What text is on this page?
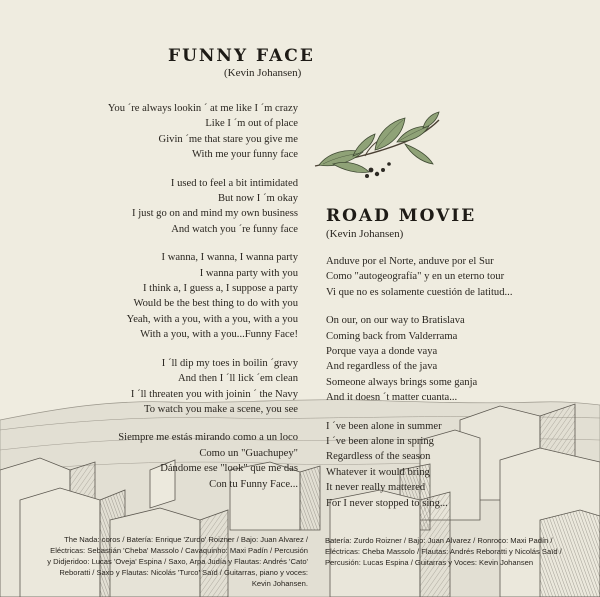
FUNNY FACE
(Kevin Johansen)
You ´re always lookin ´ at me like I ´m crazy
Like I ´m out of place
Givin ´me that stare you give me
With me your funny face
I used to feel a bit intimidated
But now I ´m okay
I just go on and mind my own business
And watch you ´re funny face
I wanna, I wanna, I wanna party
I wanna party with you
I think a, I guess a, I suppose a party
Would be the best thing to do with you
Yeah, with a you, with a you, with a you
With a you, with a you...Funny Face!
I ´ll dip my toes in boilin ´gravy
And then I ´ll lick ´em clean
I ´ll threaten you with joinin ´ the Navy
To watch you make a scene, you see
Siempre me estás mirando como a un loco
Como un "Guachupey"
Dándome ese "look" que me das
Con tu Funny Face...
The Nada: coros / Batería: Enrique 'Zurdo' Roizner / Bajo: Juan Alvarez / Eléctricas: Sebastián 'Cheba' Massolo / Cavaquinho: Maxi Padín / Percusión y Didjeridoo: Lucas 'Oveja' Espina / Saxo, Arpa Judía y Flautas: Andrés 'Cato' Reboratti / Saxo y Flautas: Nicolás 'Turco' Saïd / Guitarras, piano y voces: Kevin Johansen.
ROAD MOVIE
(Kevin Johansen)
Anduve por el Norte, anduve por el Sur
Como "autogeografía" y en un eterno tour
Vi que no es solamente cuestión de latitud...
On our, on our way to Bratislava
Coming back from Valderrama
Porque vaya a donde vaya
And regardless of the java
Someone always brings some ganja
And it doesn ´t matter cuanta...
I ´ve been alone in summer
I ´ve been alone in spring
Regardless of the season
Whatever it would bring
It never really mattered
For I never stopped to sing...
Batería: Zurdo Roizner / Bajo: Juan Alvarez / Ronroco: Maxi Padín / Eléctricas: Cheba Massolo / Flautas: Andrés Reboratti y Nicolás Saïd / Percusión: Lucas Espina / Guitarras y Voces: Kevin Johansen
